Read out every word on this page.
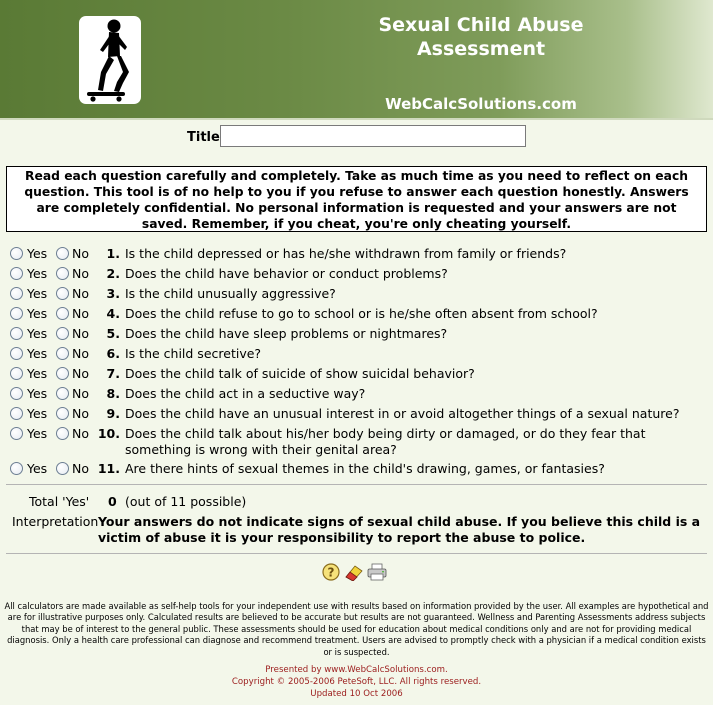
Sexual Child Abuse Assessment
WebCalcSolutions.com
Title
Read each question carefully and completely. Take as much time as you need to reflect on each question. This tool is of no help to you if you refuse to answer each question honestly. Answers are completely confidential. No personal information is requested and your answers are not saved. Remember, if you cheat, you're only cheating yourself.
Yes No	1. Is the child depressed or has he/she withdrawn from family or friends?
Yes No	2. Does the child have behavior or conduct problems?
Yes No	3. Is the child unusually aggressive?
Yes No	4. Does the child refuse to go to school or is he/she often absent from school?
Yes No	5. Does the child have sleep problems or nightmares?
Yes No	6. Is the child secretive?
Yes No	7. Does the child talk of suicide of show suicidal behavior?
Yes No	8. Does the child act in a seductive way?
Yes No	9. Does the child have an unusual interest in or avoid altogether things of a sexual nature?
Yes No 10. Does the child talk about his/her body being dirty or damaged, or do they fear that something is wrong with their genital area?
Yes No 11. Are there hints of sexual themes in the child's drawing, games, or fantasies?
Total 'Yes' 0 (out of 11 possible)
Interpretation Your answers do not indicate signs of sexual child abuse. If you believe this child is a victim of abuse it is your responsibility to report the abuse to police.
?
All calculators are made available as self-help tools for your independent use with results based on information provided by the user. All examples are hypothetical and are for illustrative purposes only. Calculated results are believed to be accurate but results are not guaranteed. Wellness and Parenting Assessments address subjects that may be of interest to the general public. These assessments should be used for education about medical conditions only and are not for providing medical diagnosis. Only a health care professional can diagnose and recommend treatment. Users are advised to promptly check with a physician if a medical condition exists or is suspected.
Presented by www.WebCalcSolutions.com.
Copyright © 2005-2006 PeteSoft, LLC. All rights reserved.
Updated 10 Oct 2006
